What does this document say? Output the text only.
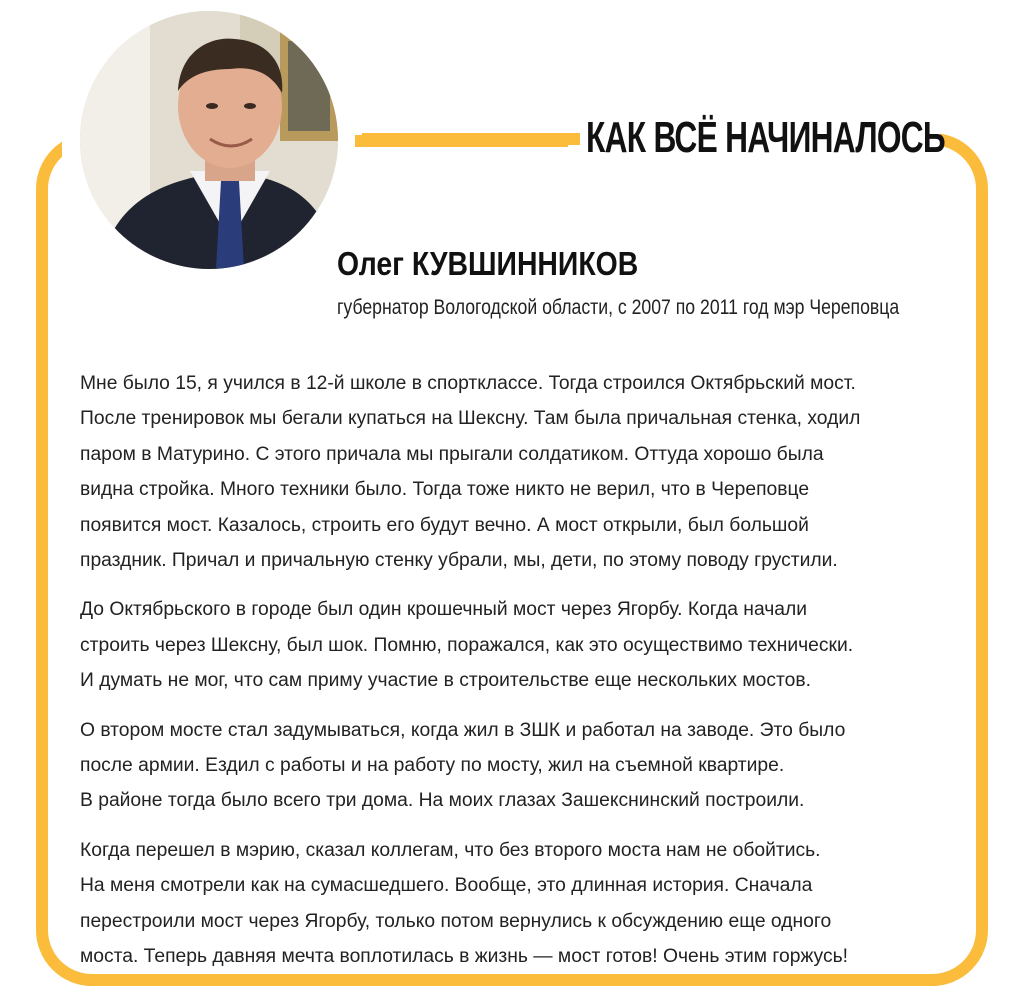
КАК ВСЁ НАЧИНАЛОСЬ
Олег КУВШИННИКОВ
губернатор Вологодской области, с 2007 по 2011 год мэр Череповца

Мне было 15, я учился в 12-й школе в спортклассе. Тогда строился Октябрьский мост.
После тренировок мы бегали купаться на Шексну. Там была причальная стенка, ходил
паром в Матурино. С этого причала мы прыгали солдатиком. Оттуда хорошо была
видна стройка. Много техники было. Тогда тоже никто не верил, что в Череповце
появится мост. Казалось, строить его будут вечно. А мост открыли, был большой
праздник. Причал и причальную стенку убрали, мы, дети, по этому поводу грустили.

До Октябрьского в городе был один крошечный мост через Ягорбу. Когда начали
строить через Шексну, был шок. Помню, поражался, как это осуществимо технически.
И думать не мог, что сам приму участие в строительстве еще нескольких мостов.

О втором мосте стал задумываться, когда жил в ЗШК и работал на заводе. Это было
после армии. Ездил с работы и на работу по мосту, жил на съемной квартире.
В районе тогда было всего три дома. На моих глазах Зашекснинский построили.

Когда перешел в мэрию, сказал коллегам, что без второго моста нам не обойтись.
На меня смотрели как на сумасшедшего. Вообще, это длинная история. Сначала
перестроили мост через Ягорбу, только потом вернулись к обсуждению еще одного
моста. Теперь давняя мечта воплотилась в жизнь — мост готов! Очень этим горжусь!
